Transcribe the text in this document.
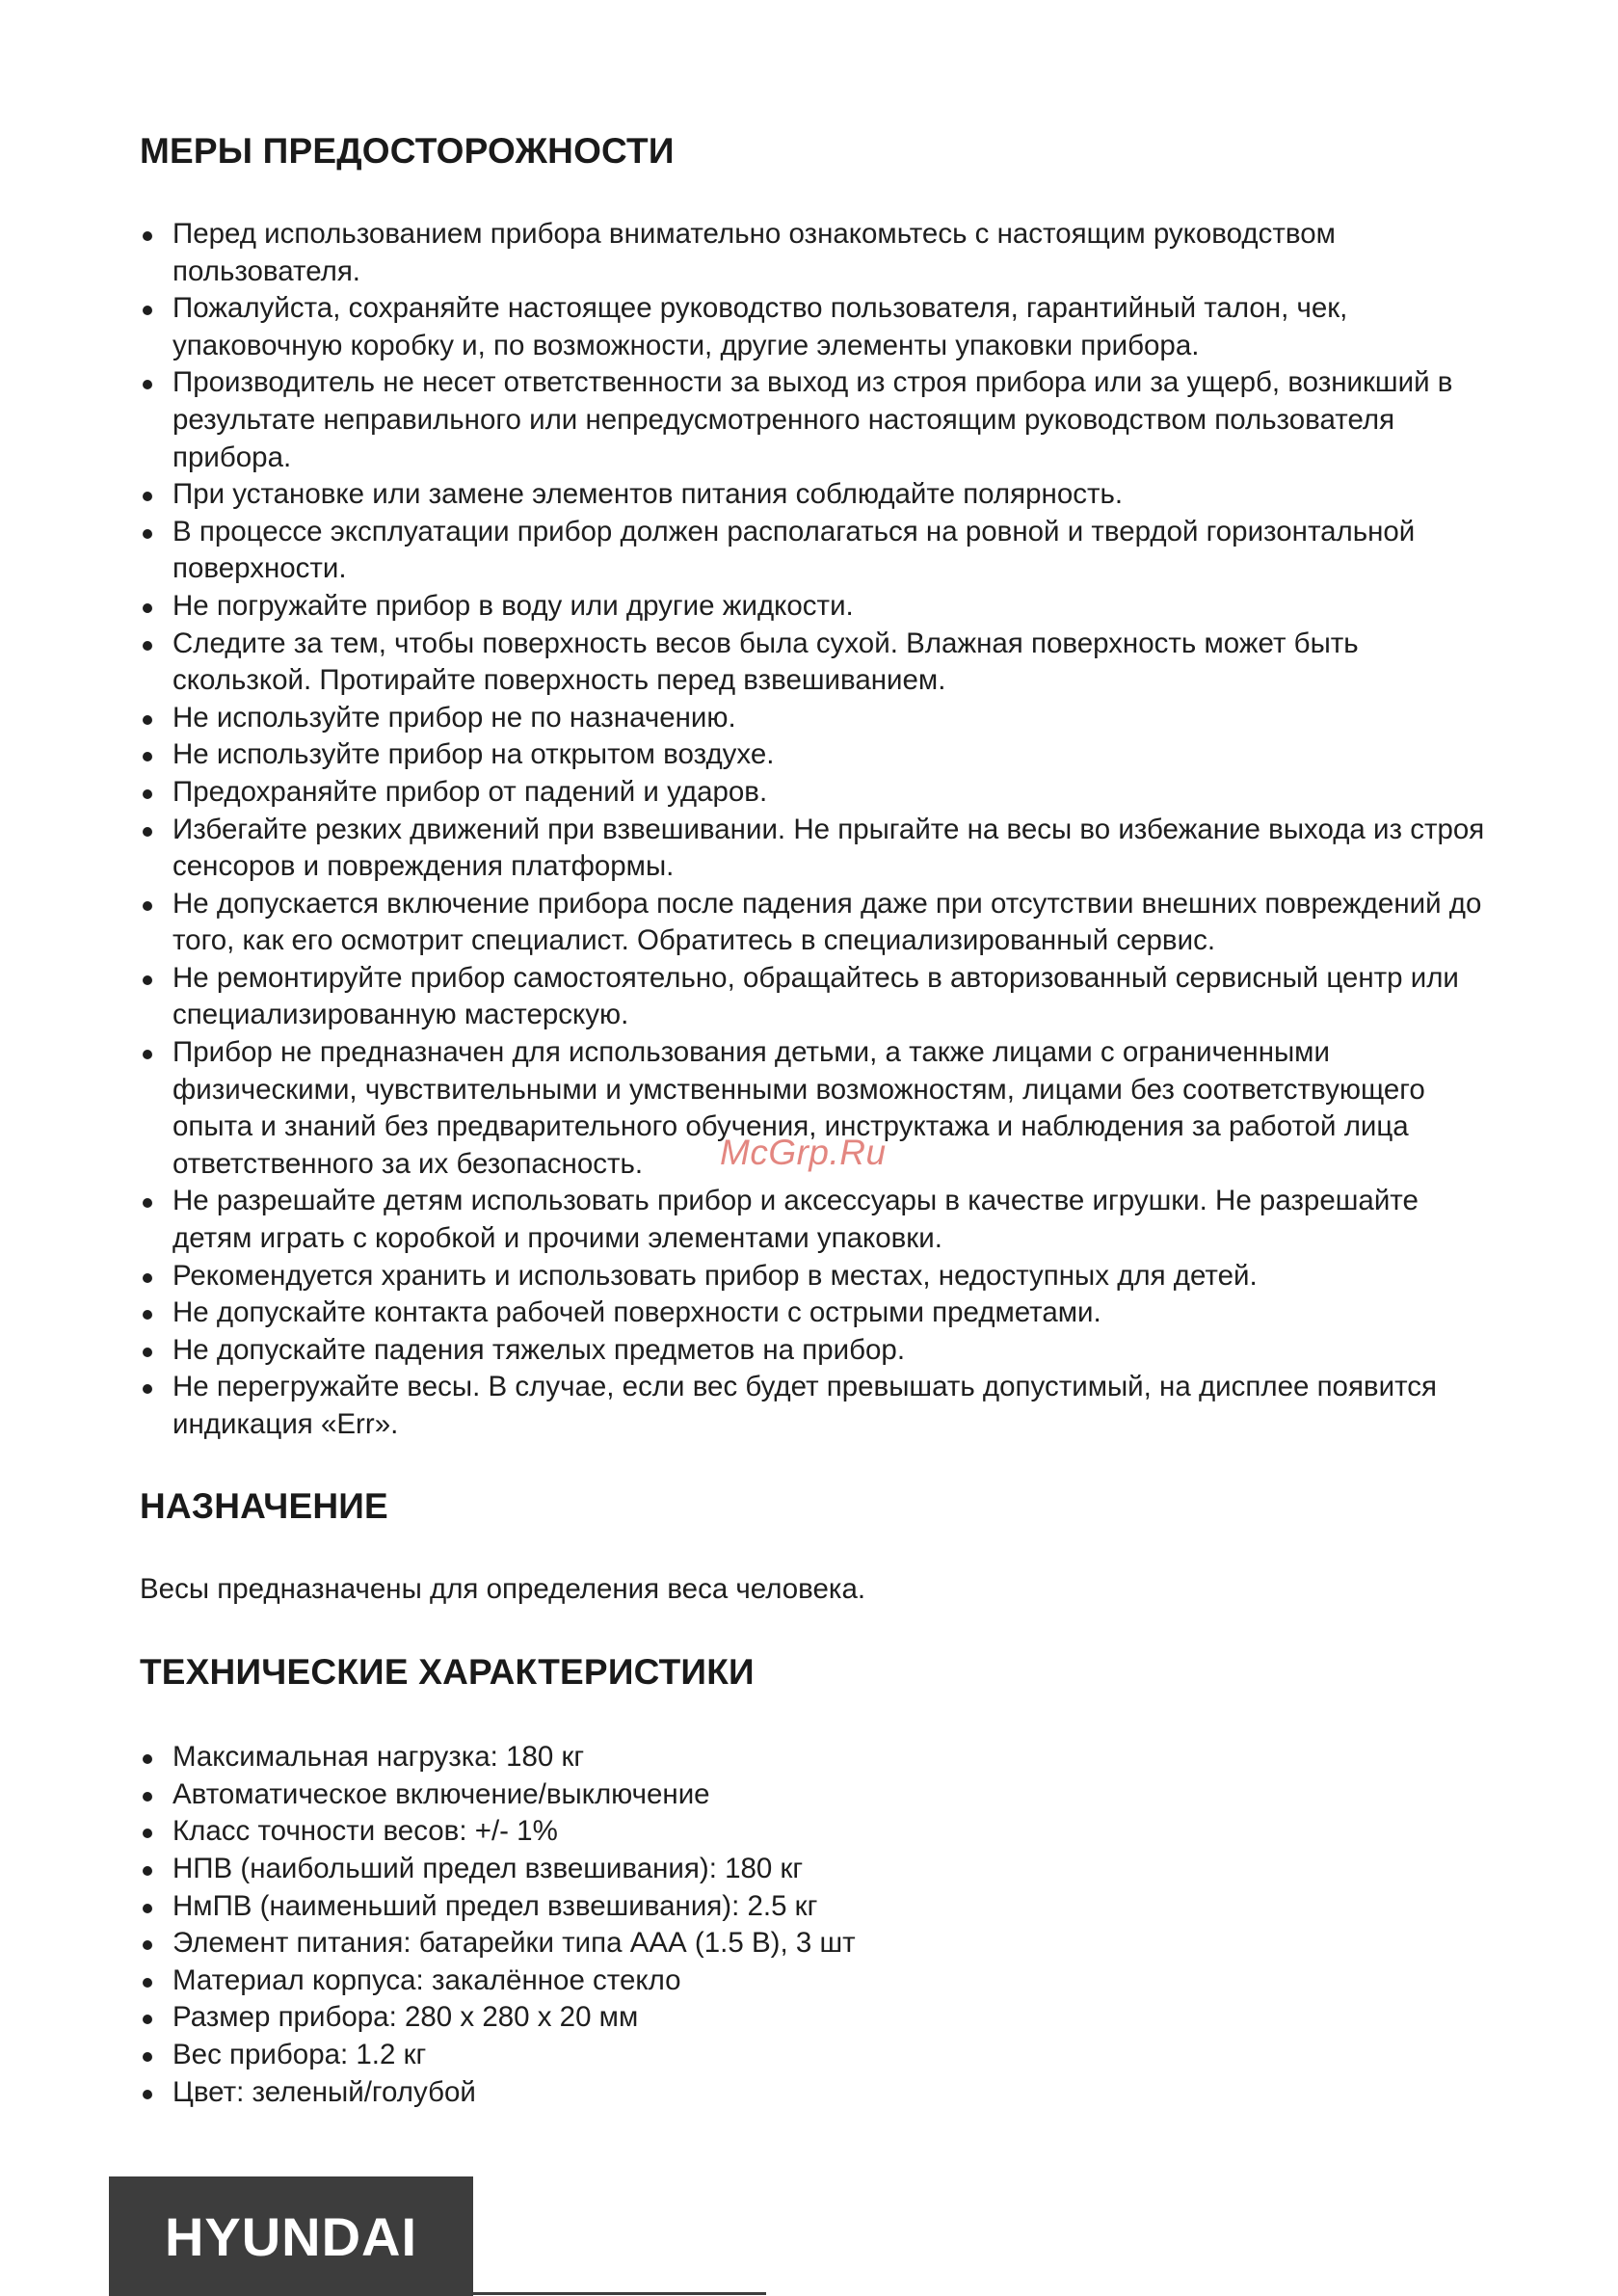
МЕРЫ ПРЕДОСТОРОЖНОСТИ
Перед использованием прибора внимательно ознакомьтесь с настоящим руководством пользователя.
Пожалуйста, сохраняйте настоящее руководство пользователя, гарантийный талон, чек, упаковочную коробку и, по возможности, другие элементы упаковки прибора.
Производитель не несет ответственности за выход из строя прибора или за ущерб, возникший в результате неправильного или непредусмотренного настоящим руководством пользователя прибора.
При установке или замене элементов питания соблюдайте полярность.
В процессе эксплуатации прибор должен располагаться на ровной и твердой горизонтальной поверхности.
Не погружайте прибор в воду или другие жидкости.
Следите за тем, чтобы поверхность весов была сухой. Влажная поверхность может быть скользкой. Протирайте поверхность перед взвешиванием.
Не используйте прибор не по назначению.
Не используйте прибор на открытом воздухе.
Предохраняйте прибор от падений и ударов.
Избегайте резких движений при взвешивании. Не прыгайте на весы во избежание выхода из строя сенсоров и повреждения платформы.
Не допускается включение прибора после падения даже при отсутствии внешних повреждений до того, как его осмотрит специалист. Обратитесь в специализированный сервис.
Не ремонтируйте прибор самостоятельно, обращайтесь в авторизованный сервисный центр или специализированную мастерскую.
Прибор не предназначен для использования детьми, а также лицами с ограниченными физическими, чувствительными и умственными возможностям, лицами без соответствующего опыта и знаний без предварительного обучения, инструктажа и наблюдения за работой лица ответственного за их безопасность.
Не разрешайте детям использовать прибор и аксессуары в качестве игрушки. Не разрешайте детям играть с коробкой и прочими элементами упаковки.
Рекомендуется хранить и использовать прибор в местах, недоступных для детей.
Не допускайте контакта рабочей поверхности с острыми предметами.
Не допускайте падения тяжелых предметов на прибор.
Не перегружайте весы. В случае, если вес будет превышать допустимый, на дисплее появится индикация «Err».
НАЗНАЧЕНИЕ

Весы предназначены для определения веса человека.

ТЕХНИЧЕСКИЕ ХАРАКТЕРИСТИКИ
Максимальная нагрузка: 180 кг
Автоматическое включение/выключение
Класс точности весов: +/- 1%
НПВ (наибольший предел взвешивания): 180 кг
НмПВ (наименьший предел взвешивания): 2.5 кг
Элемент питания: батарейки типа ААА (1.5 В), 3 шт
Материал корпуса: закалённое стекло
Размер прибора: 280 x 280 x 20 мм
Вес прибора: 1.2 кг
Цвет: зеленый/голубой
McGrp.Ru
HYUNDAI
